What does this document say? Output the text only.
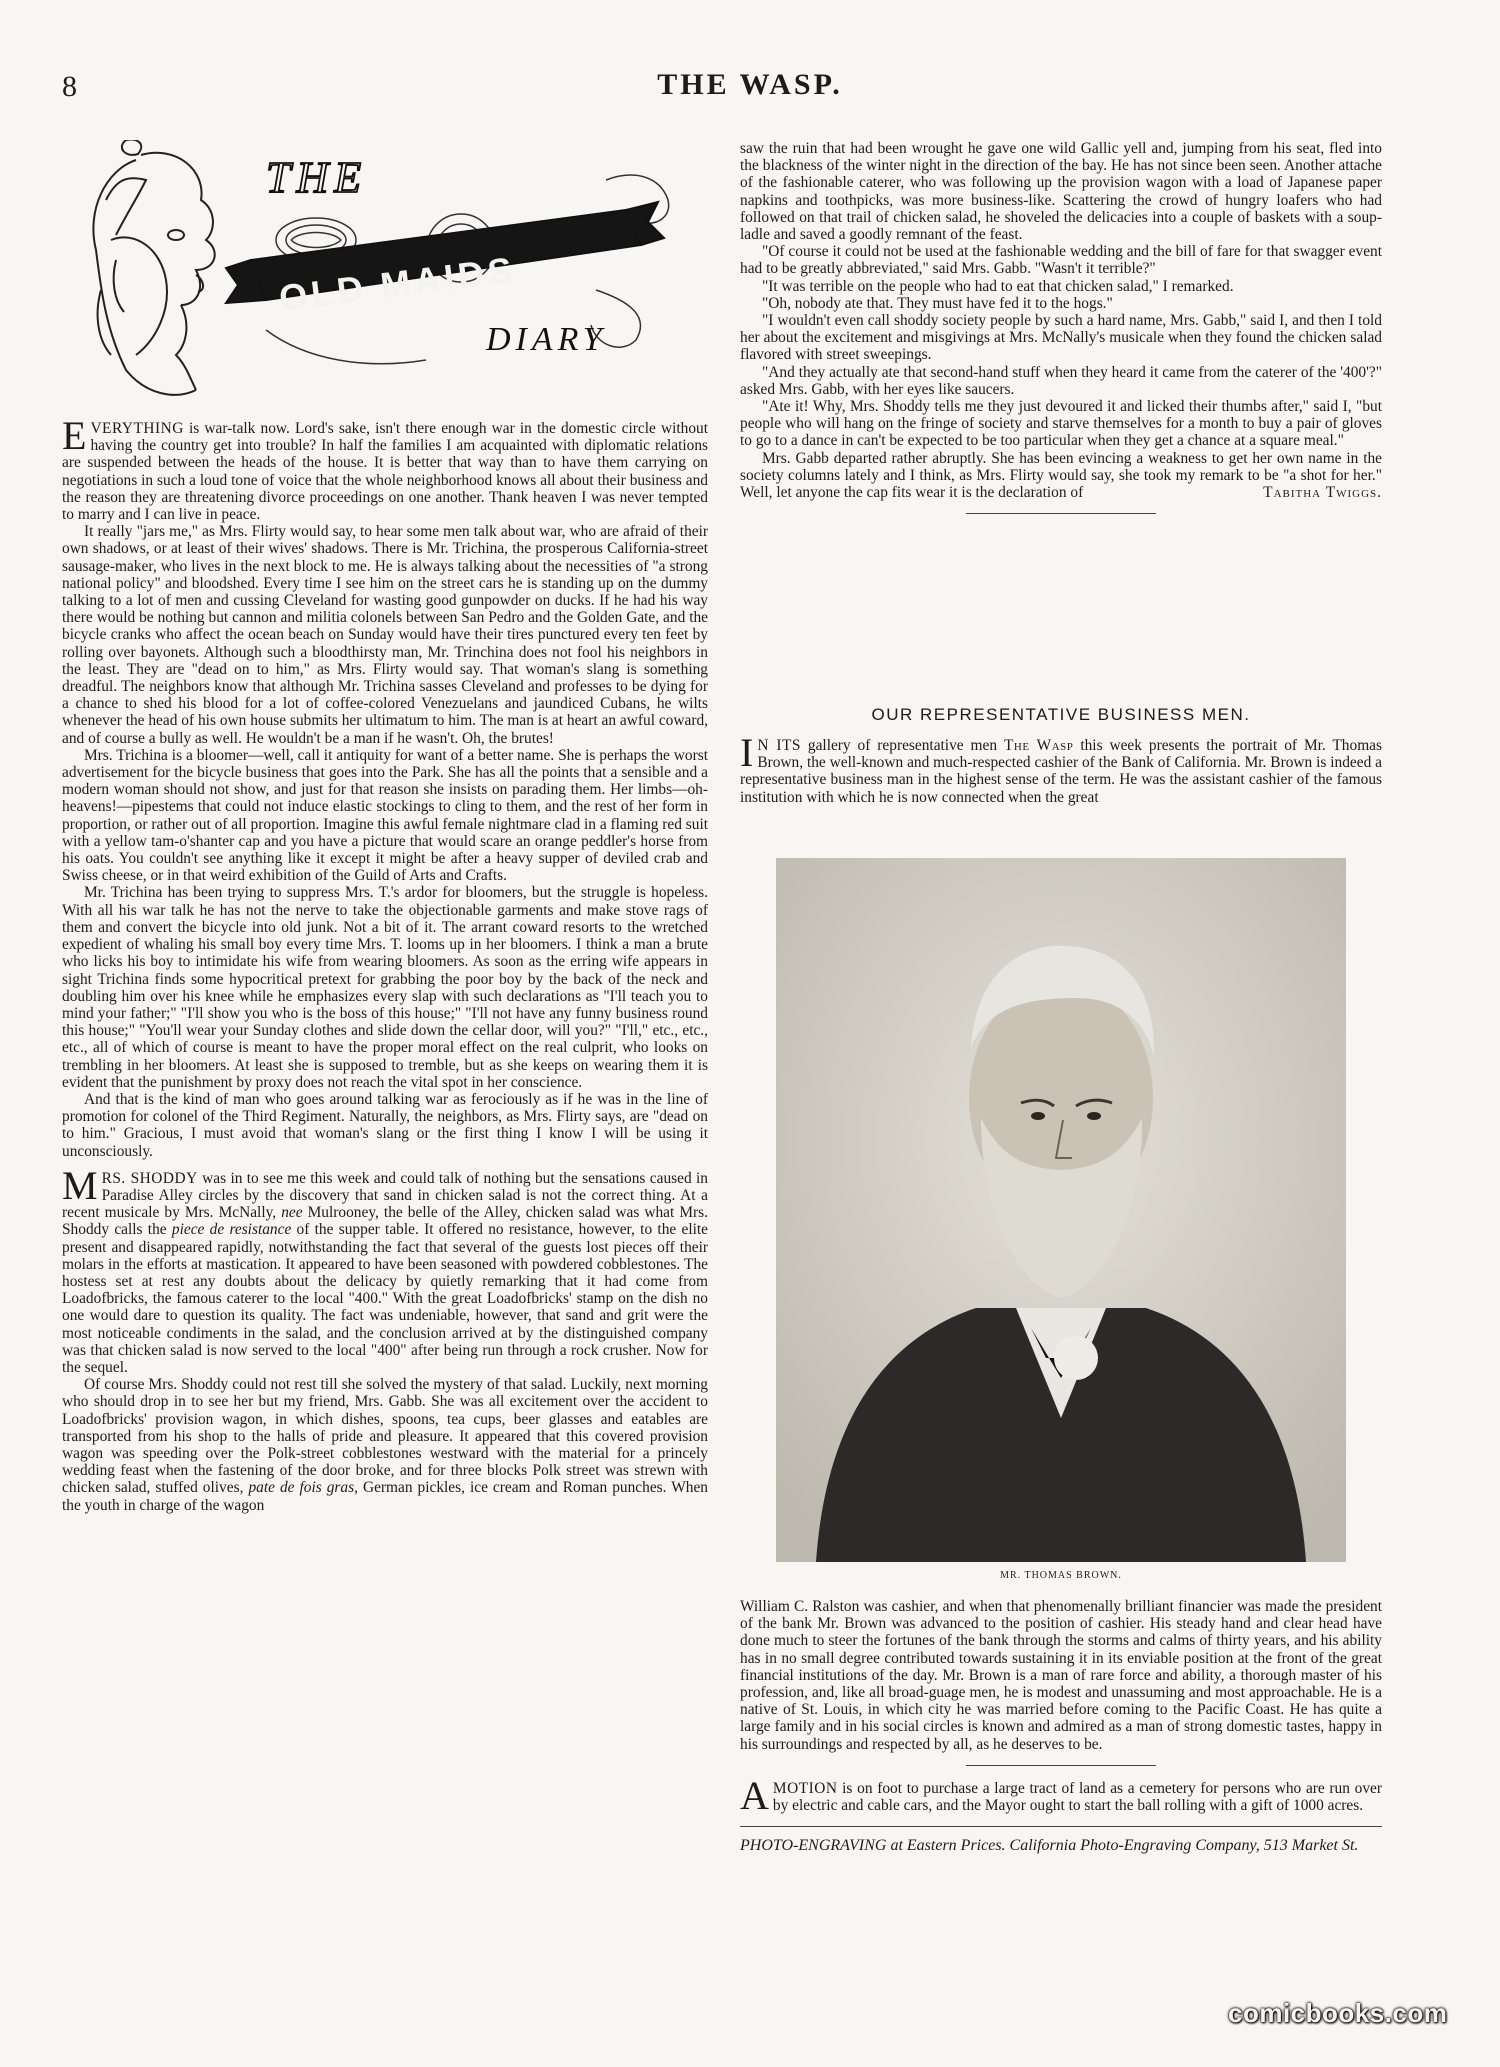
8	THE WASP.
THE
OLD MAIDS
DIARY

EVERYTHING is war-talk now. Lord's sake, isn't there enough war in the domestic circle without having the country get into trouble? In half the families I am acquainted with diplomatic relations are suspended between the heads of the house. It is better that way than to have them carrying on negotiations in such a loud tone of voice that the whole neighborhood knows all about their business and the reason they are threatening divorce proceedings on one another. Thank heaven I was never tempted to marry and I can live in peace.

It really "jars me," as Mrs. Flirty would say, to hear some men talk about war, who are afraid of their own shadows, or at least of their wives' shadows. There is Mr. Trichina, the prosperous California-street sausage-maker, who lives in the next block to me. He is always talking about the necessities of "a strong national policy" and bloodshed. Every time I see him on the street cars he is standing up on the dummy talking to a lot of men and cussing Cleveland for wasting good gunpowder on ducks. If he had his way there would be nothing but cannon and militia colonels between San Pedro and the Golden Gate, and the bicycle cranks who affect the ocean beach on Sunday would have their tires punctured every ten feet by rolling over bayonets. Although such a bloodthirsty man, Mr. Trinchina does not fool his neighbors in the least. They are "dead on to him," as Mrs. Flirty would say. That woman's slang is something dreadful. The neighbors know that although Mr. Trichina sasses Cleveland and professes to be dying for a chance to shed his blood for a lot of coffee-colored Venezuelans and jaundiced Cubans, he wilts whenever the head of his own house submits her ultimatum to him. The man is at heart an awful coward, and of course a bully as well. He wouldn't be a man if he wasn't. Oh, the brutes!

Mrs. Trichina is a bloomer—well, call it antiquity for want of a better name. She is perhaps the worst advertisement for the bicycle business that goes into the Park. She has all the points that a sensible and a modern woman should not show, and just for that reason she insists on parading them. Her limbs—oh-heavens!—pipestems that could not induce elastic stockings to cling to them, and the rest of her form in proportion, or rather out of all proportion. Imagine this awful female nightmare clad in a flaming red suit with a yellow tam-o'shanter cap and you have a picture that would scare an orange peddler's horse from his oats. You couldn't see anything like it except it might be after a heavy supper of deviled crab and Swiss cheese, or in that weird exhibition of the Guild of Arts and Crafts.

Mr. Trichina has been trying to suppress Mrs. T.'s ardor for bloomers, but the struggle is hopeless. With all his war talk he has not the nerve to take the objectionable garments and make stove rags of them and convert the bicycle into old junk. Not a bit of it. The arrant coward resorts to the wretched expedient of whaling his small boy every time Mrs. T. looms up in her bloomers. I think a man a brute who licks his boy to intimidate his wife from wearing bloomers. As soon as the erring wife appears in sight Trichina finds some hypocritical pretext for grabbing the poor boy by the back of the neck and doubling him over his knee while he emphasizes every slap with such declarations as "I'll teach you to mind your father;" "I'll show you who is the boss of this house;" "I'll not have any funny business round this house;" "You'll wear your Sunday clothes and slide down the cellar door, will you?" "I'll," etc., etc., etc., all of which of course is meant to have the proper moral effect on the real culprit, who looks on trembling in her bloomers. At least she is supposed to tremble, but as she keeps on wearing them it is evident that the punishment by proxy does not reach the vital spot in her conscience.

And that is the kind of man who goes around talking war as ferociously as if he was in the line of promotion for colonel of the Third Regiment. Naturally, the neighbors, as Mrs. Flirty says, are "dead on to him." Gracious, I must avoid that woman's slang or the first thing I know I will be using it unconsciously.

MRS. SHODDY was in to see me this week and could talk of nothing but the sensations caused in Paradise Alley circles by the discovery that sand in chicken salad is not the correct thing. At a recent musicale by Mrs. McNally, nee Mulrooney, the belle of the Alley, chicken salad was what Mrs. Shoddy calls the piece de resistance of the supper table. It offered no resistance, however, to the elite present and disappeared rapidly, notwithstanding the fact that several of the guests lost pieces off their molars in the efforts at mastication. It appeared to have been seasoned with powdered cobblestones. The hostess set at rest any doubts about the delicacy by quietly remarking that it had come from Loadofbricks, the famous caterer to the local "400." With the great Loadofbricks' stamp on the dish no one would dare to question its quality. The fact was undeniable, however, that sand and grit were the most noticeable condiments in the salad, and the conclusion arrived at by the distinguished company was that chicken salad is now served to the local "400" after being run through a rock crusher. Now for the sequel.

Of course Mrs. Shoddy could not rest till she solved the mystery of that salad. Luckily, next morning who should drop in to see her but my friend, Mrs. Gabb. She was all excitement over the accident to Loadofbricks' provision wagon, in which dishes, spoons, tea cups, beer glasses and eatables are transported from his shop to the halls of pride and pleasure. It appeared that this covered provision wagon was speeding over the Polk-street cobblestones westward with the material for a princely wedding feast when the fastening of the door broke, and for three blocks Polk street was strewn with chicken salad, stuffed olives, pate de fois gras, German pickles, ice cream and Roman punches. When the youth in charge of the wagon

saw the ruin that had been wrought he gave one wild Gallic yell and, jumping from his seat, fled into the blackness of the winter night in the direction of the bay. He has not since been seen. Another attache of the fashionable caterer, who was following up the provision wagon with a load of Japanese paper napkins and toothpicks, was more business-like. Scattering the crowd of hungry loafers who had followed on that trail of chicken salad, he shoveled the delicacies into a couple of baskets with a soup-ladle and saved a goodly remnant of the feast.

"Of course it could not be used at the fashionable wedding and the bill of fare for that swagger event had to be greatly abbreviated," said Mrs. Gabb. "Wasn't it terrible?"

"It was terrible on the people who had to eat that chicken salad," I remarked.

"Oh, nobody ate that. They must have fed it to the hogs."

"I wouldn't even call shoddy society people by such a hard name, Mrs. Gabb," said I, and then I told her about the excitement and misgivings at Mrs. McNally's musicale when they found the chicken salad flavored with street sweepings.

"And they actually ate that second-hand stuff when they heard it came from the caterer of the '400'?" asked Mrs. Gabb, with her eyes like saucers.

"Ate it! Why, Mrs. Shoddy tells me they just devoured it and licked their thumbs after," said I, "but people who will hang on the fringe of society and starve themselves for a month to buy a pair of gloves to go to a dance in can't be expected to be too particular when they get a chance at a square meal."

Mrs. Gabb departed rather abruptly. She has been evincing a weakness to get her own name in the society columns lately and I think, as Mrs. Flirty would say, she took my remark to be "a shot for her." Well, let anyone the cap fits wear it is the declaration of	Tabitha Twiggs.

OUR REPRESENTATIVE BUSINESS MEN.

I N ITS gallery of representative men The Wasp this week presents the portrait of Mr. Thomas Brown, the well-known and much-respected cashier of the Bank of California. Mr. Brown is indeed a representative business man in the highest sense of the term. He was the assistant cashier of the famous institution with which he is now connected when the great

MR. THOMAS BROWN.

William C. Ralston was cashier, and when that phenomenally brilliant financier was made the president of the bank Mr. Brown was advanced to the position of cashier. His steady hand and clear head have done much to steer the fortunes of the bank through the storms and calms of thirty years, and his ability has in no small degree contributed towards sustaining it in its enviable position at the front of the great financial institutions of the day. Mr. Brown is a man of rare force and ability, a thorough master of his profession, and, like all broad-guage men, he is modest and unassuming and most approachable. He is a native of St. Louis, in which city he was married before coming to the Pacific Coast. He has quite a large family and in his social circles is known and admired as a man of strong domestic tastes, happy in his surroundings and respected by all, as he deserves to be.

AMOTION is on foot to purchase a large tract of land as a cemetery for persons who are run over by electric and cable cars, and the Mayor ought to start the ball rolling with a gift of 1000 acres.

PHOTO-ENGRAVING at Eastern Prices. California Photo-Engraving Company, 513 Market St.

comicbooks.com
